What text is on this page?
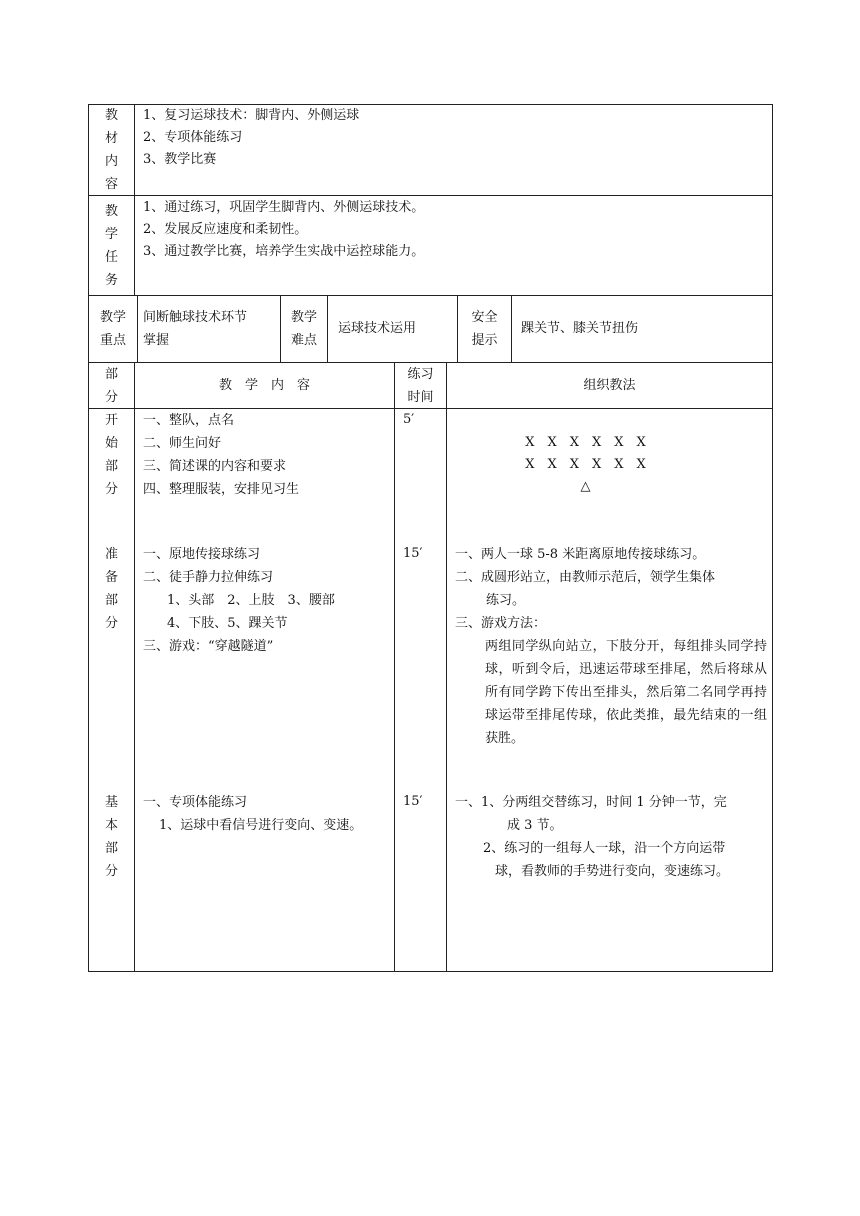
教
材
内
容
1、复习运球技术：脚背内、外侧运球
2、专项体能练习
3、教学比赛
教
学
任
务
1、通过练习，巩固学生脚背内、外侧运球技术。
2、发展反应速度和柔韧性。
3、通过教学比赛，培养学生实战中运控球能力。
教学
重点
间断触球技术环节
掌握
教学
难点
运球技术运用
安全
提示
踝关节、膝关节扭伤
部
分
教　学　内　容
练习
时间
组织教法
开
始
部
分
一、整队，点名
二、师生问好
三、简述课的内容和要求
四、整理服装，安排见习生
5′
X　X　X　X　X　X
X　X　X　X　X　X
△
准
备
部
分
一、原地传接球练习
二、徒手静力拉伸练习
1、头部　2、上肢　3、腰部
4、下肢、5、踝关节
三、游戏：“穿越隧道”
15′	一、两人一球 5-8 米距离原地传接球练习。
二、成圆形站立，由教师示范后，领学生集体
练习。
三、游戏方法：
两组同学纵向站立，下肢分开，每组排头同学持球，听到令后，迅速运带球至排尾，然后将球从所有同学跨下传出至排头，然后第二名同学再持球运带至排尾传球，依此类推，最先结束的一组获胜。
基
本
部
分
一、专项体能练习
1、运球中看信号进行变向、变速。
15′	一、1、分两组交替练习，时间 1 分钟一节，完
成 3 节。
2、练习的一组每人一球，沿一个方向运带
球，看教师的手势进行变向，变速练习。
